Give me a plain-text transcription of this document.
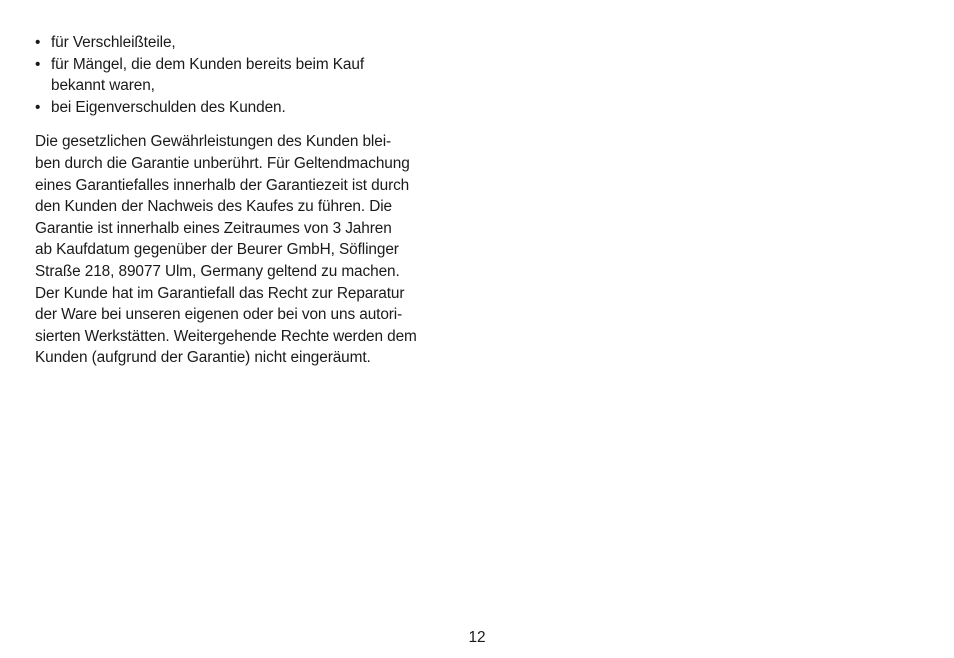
• für Verschleißteile,
• für Mängel, die dem Kunden bereits beim Kauf
bekannt waren,
• bei Eigenverschulden des Kunden.
Die gesetzlichen Gewährleistungen des Kunden blei-
ben durch die Garantie unberührt. Für Geltendmachung
eines Garantiefalles innerhalb der Garantiezeit ist durch
den Kunden der Nachweis des Kaufes zu führen. Die
Garantie ist innerhalb eines Zeitraumes von 3 Jahren
ab Kaufdatum gegenüber der Beurer GmbH, Söflinger
Straße 218, 89077 Ulm, Germany geltend zu machen.
Der Kunde hat im Garantiefall das Recht zur Reparatur
der Ware bei unseren eigenen oder bei von uns autori-
sierten Werkstätten. Weitergehende Rechte werden dem
Kunden (aufgrund der Garantie) nicht eingeräumt.
12
